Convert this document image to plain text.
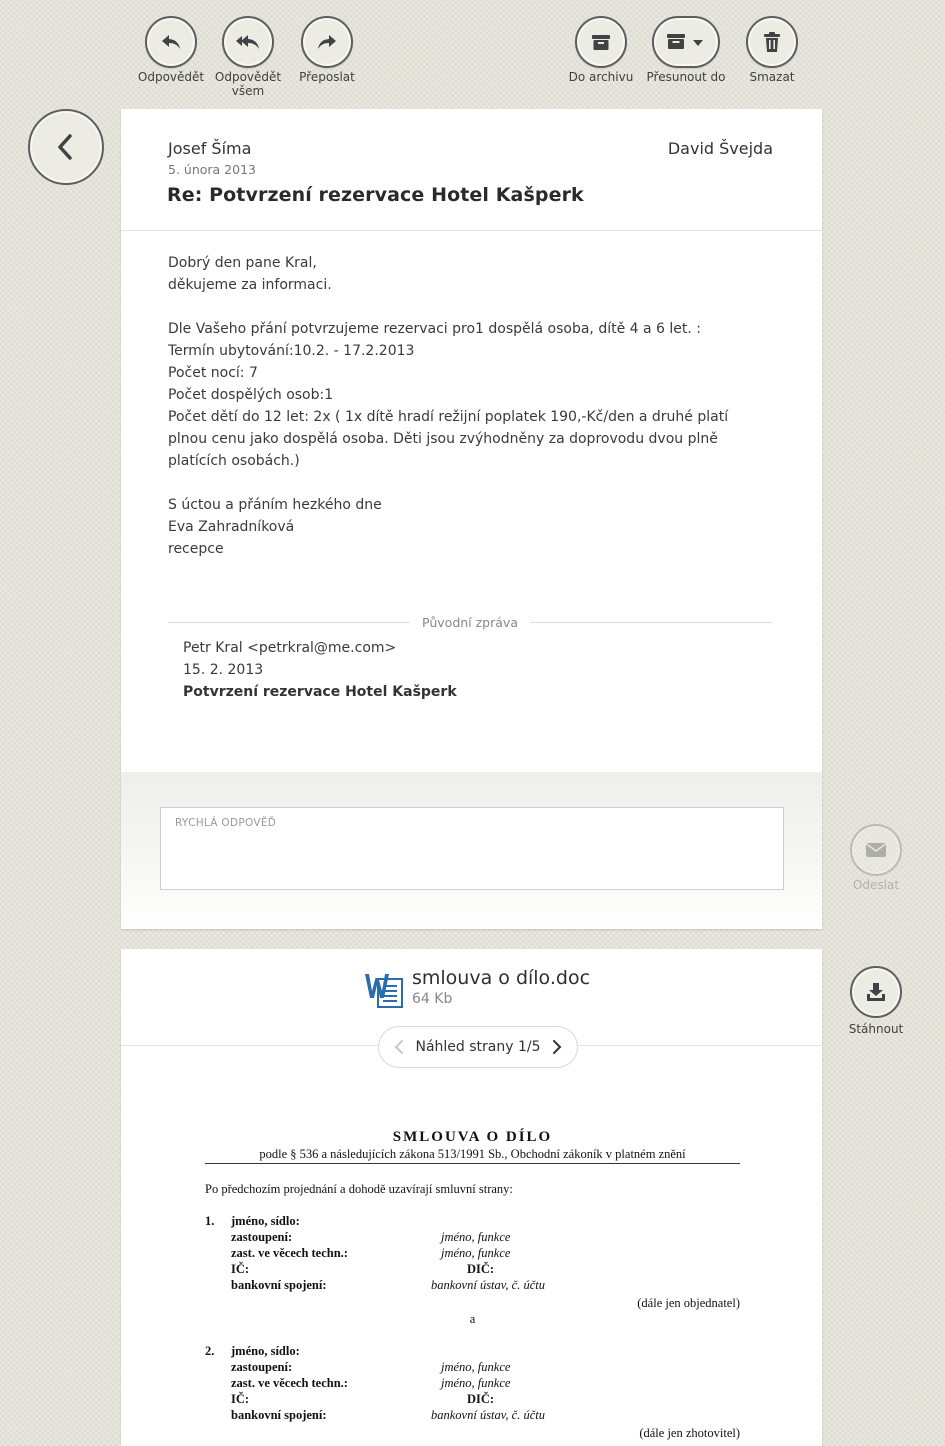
Odpovědět Odpovědět
všem
Přeposlat	Do archivu Přesunout do Smazat
Josef Šíma	David Švejda
5. února 2013
Re: Potvrzení rezervace Hotel Kašperk

Dobrý den pane Kral,

děkujeme za informaci.

Dle Vašeho přání potvrzujeme rezervaci pro1 dospělá osoba, dítě 4 a 6 let. :

Termín ubytování:10.2. - 17.2.2013

Počet nocí: 7

Počet dospělých osob:1

Počet dětí do 12 let: 2x ( 1x dítě hradí režijní poplatek 190,-Kč/den a druhé platí plnou cenu jako dospělá osoba. Děti jsou zvýhodněny za doprovodu dvou plně platících osobách.)

S úctou a přáním hezkého dne

Eva Zahradníková

recepce

Původní zpráva
Petr Kral <petrkral@me.com>
15. 2. 2013
Potvrzení rezervace Hotel Kašperk
RYCHLÁ ODPOVĚĎ
Odeslat
smlouva o dílo.doc
64 Kb
Náhled strany 1/5
SMLOUVA O DÍLO
podle § 536 a následujících zákona 513/1991 Sb., Obchodní zákoník v platném znění
Po předchozím projednání a dohodě uzavírají smluvní strany:
1. jméno, sídlo:
zastoupení:	jméno, funkce
zast. ve věcech techn.:	jméno, funkce
IČ:	DIČ:
bankovní spojení:	bankovní ústav, č. účtu
(dále jen objednatel)
a
2. jméno, sídlo:
zastoupení:	jméno, funkce
zast. ve věcech techn.:	jméno, funkce
IČ:	DIČ:
bankovní spojení:	bankovní ústav, č. účtu
(dále jen zhotovitel)
Stáhnout
